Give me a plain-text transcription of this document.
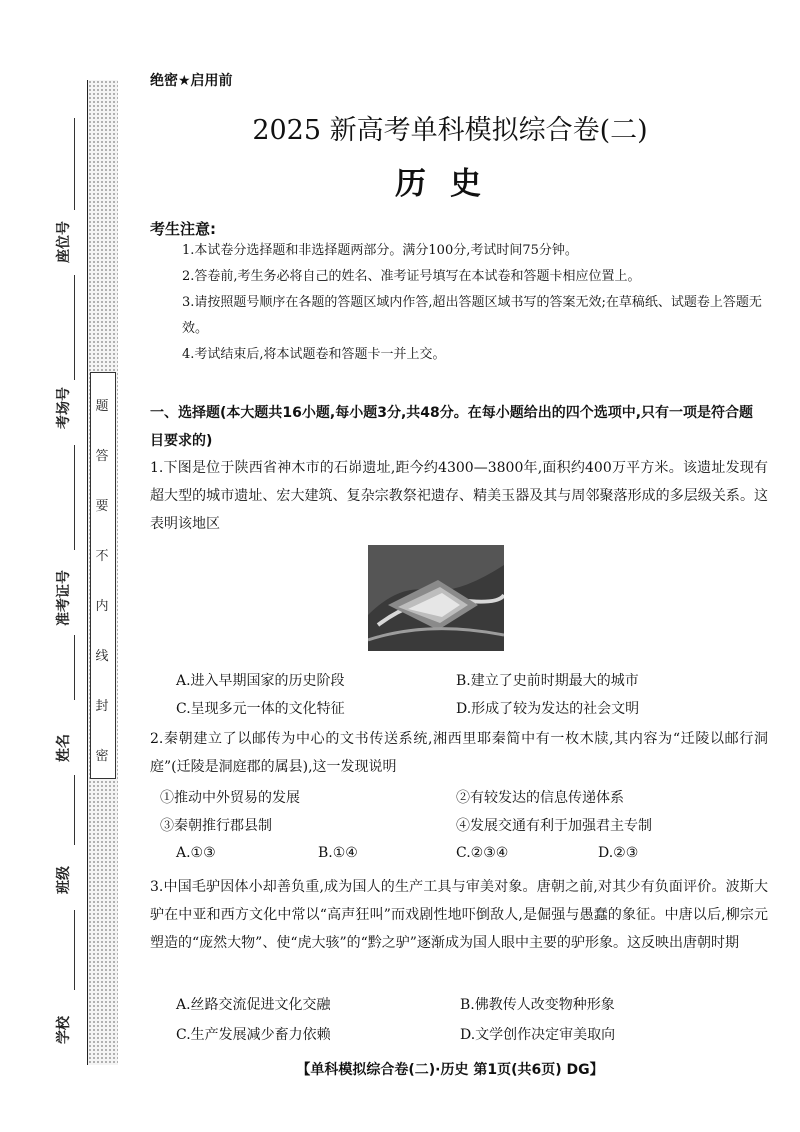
题
答
要
不
内
线
封
密
座位号
考场号
准考证号
姓名
班级
学校
绝密★启用前
2025 新高考单科模拟综合卷(二)
历史
考生注意:
1.本试卷分选择题和非选择题两部分。满分100分,考试时间75分钟。
2.答卷前,考生务必将自己的姓名、准考证号填写在本试卷和答题卡相应位置上。
3.请按照题号顺序在各题的答题区域内作答,超出答题区域书写的答案无效;在草稿纸、试题卷上答题无效。
4.考试结束后,将本试题卷和答题卡一并上交。
一、选择题(本大题共16小题,每小题3分,共48分。在每小题给出的四个选项中,只有一项是符合题目要求的)
1.下图是位于陕西省神木市的石峁遗址,距今约4300—3800年,面积约400万平方米。该遗址发现有超大型的城市遗址、宏大建筑、复杂宗教祭祀遗存、精美玉器及其与周邻聚落形成的多层级关系。这表明该地区
A.进入早期国家的历史阶段	B.建立了史前时期最大的城市
C.呈现多元一体的文化特征	D.形成了较为发达的社会文明
2.秦朝建立了以邮传为中心的文书传送系统,湘西里耶秦简中有一枚木牍,其内容为“迁陵以邮行洞庭”(迁陵是洞庭郡的属县),这一发现说明
①推动中外贸易的发展	②有较发达的信息传递体系
③秦朝推行郡县制	④发展交通有利于加强君主专制
A.①③	B.①④	C.②③④	D.②③
3.中国毛驴因体小却善负重,成为国人的生产工具与审美对象。唐朝之前,对其少有负面评价。波斯大驴在中亚和西方文化中常以“高声狂叫”而戏剧性地吓倒敌人,是倔强与愚蠢的象征。中唐以后,柳宗元塑造的“庞然大物”、使“虎大骇”的“黔之驴”逐渐成为国人眼中主要的驴形象。这反映出唐朝时期
A.丝路交流促进文化交融	B.佛教传人改变物种形象
C.生产发展减少畜力依赖	D.文学创作决定审美取向
【单科模拟综合卷(二)·历史 第1页(共6页) DG】
